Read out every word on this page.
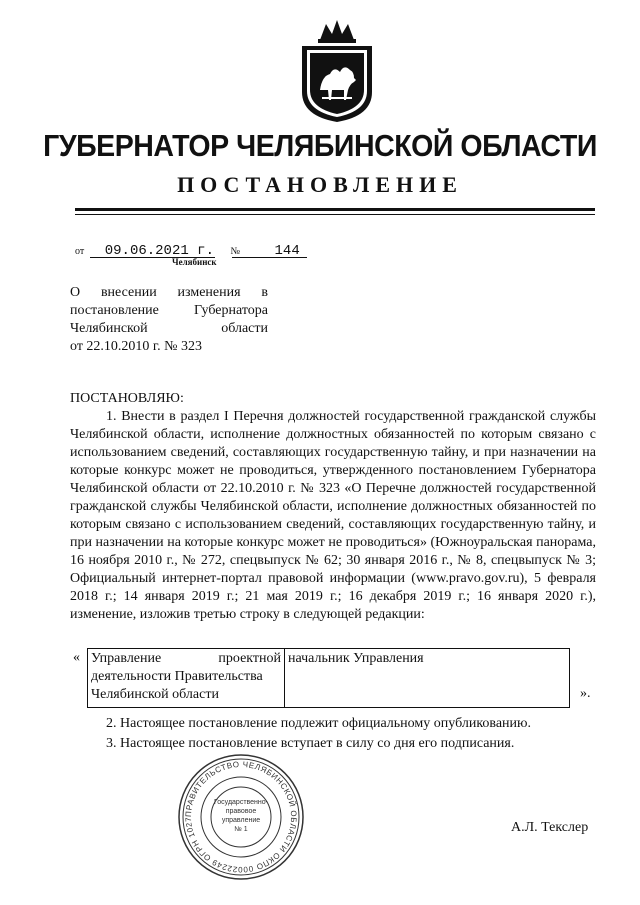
ГУБЕРНАТОР ЧЕЛЯБИНСКОЙ ОБЛАСТИ
ПОСТАНОВЛЕНИЕ
от 09.06.2021 г. № 144
Челябинск
О внесении изменения в
постановление Губернатора
Челябинской области
от 22.10.2010 г. № 323
ПОСТАНОВЛЯЮ:
1. Внести в раздел I Перечня должностей государственной гражданской службы Челябинской области, исполнение должностных обязанностей по которым связано с использованием сведений, составляющих государственную тайну, и при назначении на которые конкурс может не проводиться, утвержденного постановлением Губернатора Челябинской области от 22.10.2010 г. № 323 «О Перечне должностей государственной гражданской службы Челябинской области, исполнение должностных обязанностей по которым связано с использованием сведений, составляющих государственную тайну, и при назначении на которые конкурс может не проводиться» (Южноуральская панорама, 16 ноября 2010 г., № 272, спецвыпуск № 62; 30 января 2016 г., № 8, спецвыпуск № 3; Официальный интернет-портал правовой информации (www.pravo.gov.ru), 5 февраля 2018 г.; 14 января 2019 г.; 21 мая 2019 г.; 16 декабря 2019 г.; 16 января 2020 г.), изменение, изложив третью строку в следующей редакции:
« Управление проектной
деятельности Правительства
Челябинской области
	начальник Управления
».
2. Настоящее постановление подлежит официальному опубликованию.
3. Настоящее постановление вступает в силу со дня его подписания.
ПРАВИТЕЛЬСТВО ЧЕЛЯБИНСКОЙ ОБЛАСТИ ОКПО 00022249 ОГРН 1027
Государственно-
правовое
управление
№ 1	А.Л. Текслер
